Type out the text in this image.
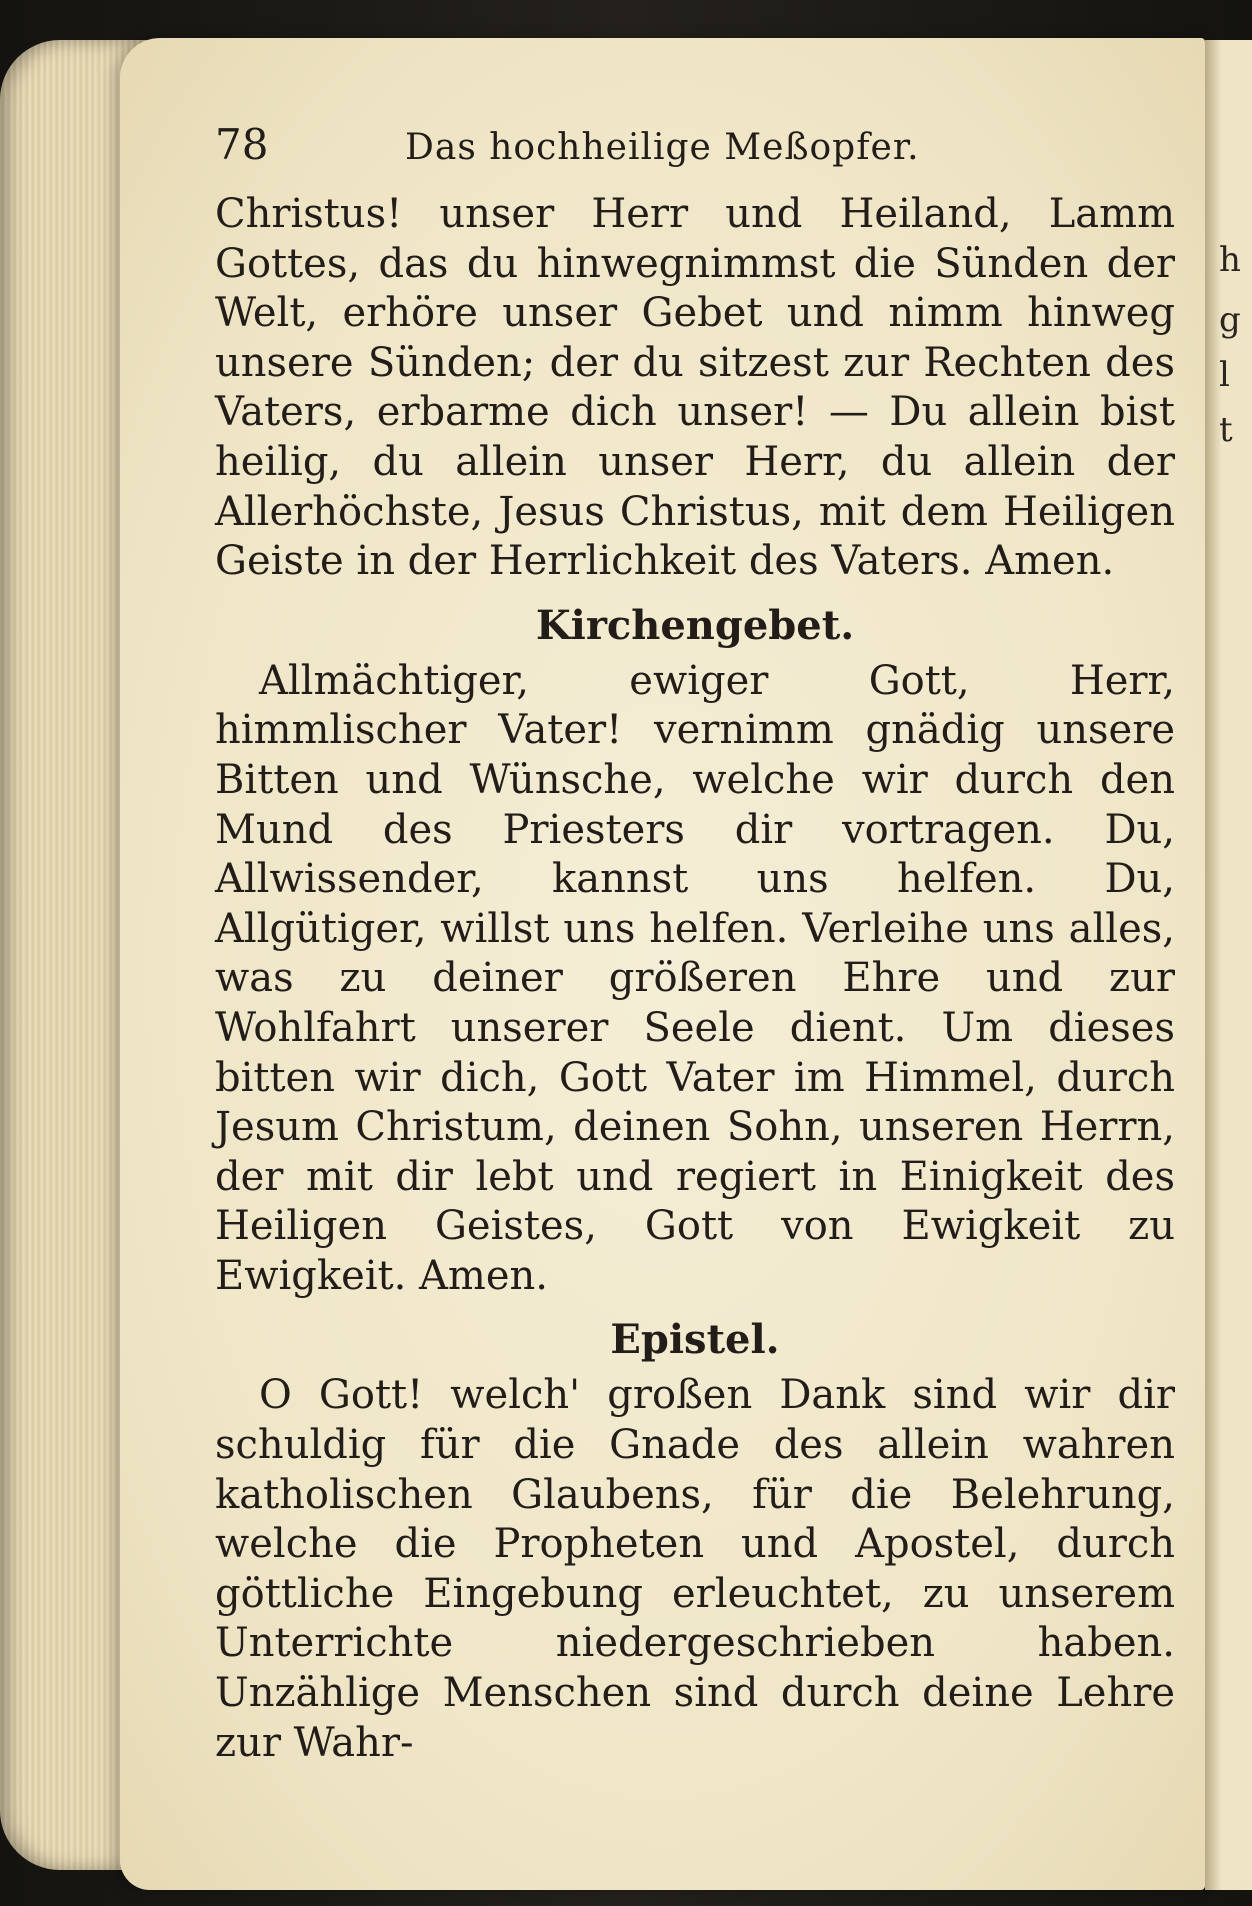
h
g
l
t
78	Das hochheilige Meßopfer.

Christus! unser Herr und Heiland, Lamm Gottes, das du hinwegnimmst die Sünden der Welt, erhöre unser Gebet und nimm hinweg unsere Sünden; der du sitzest zur Rechten des Vaters, erbarme dich unser! — Du allein bist heilig, du allein unser Herr, du allein der Allerhöchste, Jesus Christus, mit dem Heiligen Geiste in der Herrlichkeit des Vaters. Amen.

Kirchengebet.

Allmächtiger, ewiger Gott, Herr, himmlischer Vater! vernimm gnädig unsere Bitten und Wünsche, welche wir durch den Mund des Priesters dir vortragen. Du, Allwissender, kannst uns helfen. Du, Allgütiger, willst uns helfen. Verleihe uns alles, was zu deiner größeren Ehre und zur Wohlfahrt unserer Seele dient. Um dieses bitten wir dich, Gott Vater im Himmel, durch Jesum Christum, deinen Sohn, unseren Herrn, der mit dir lebt und regiert in Einigkeit des Heiligen Geistes, Gott von Ewigkeit zu Ewigkeit. Amen.

Epistel.

O Gott! welch' großen Dank sind wir dir schuldig für die Gnade des allein wahren katholischen Glaubens, für die Belehrung, welche die Propheten und Apostel, durch göttliche Eingebung erleuchtet, zu unserem Unterrichte niedergeschrieben haben. Unzählige Menschen sind durch deine Lehre zur Wahr-
